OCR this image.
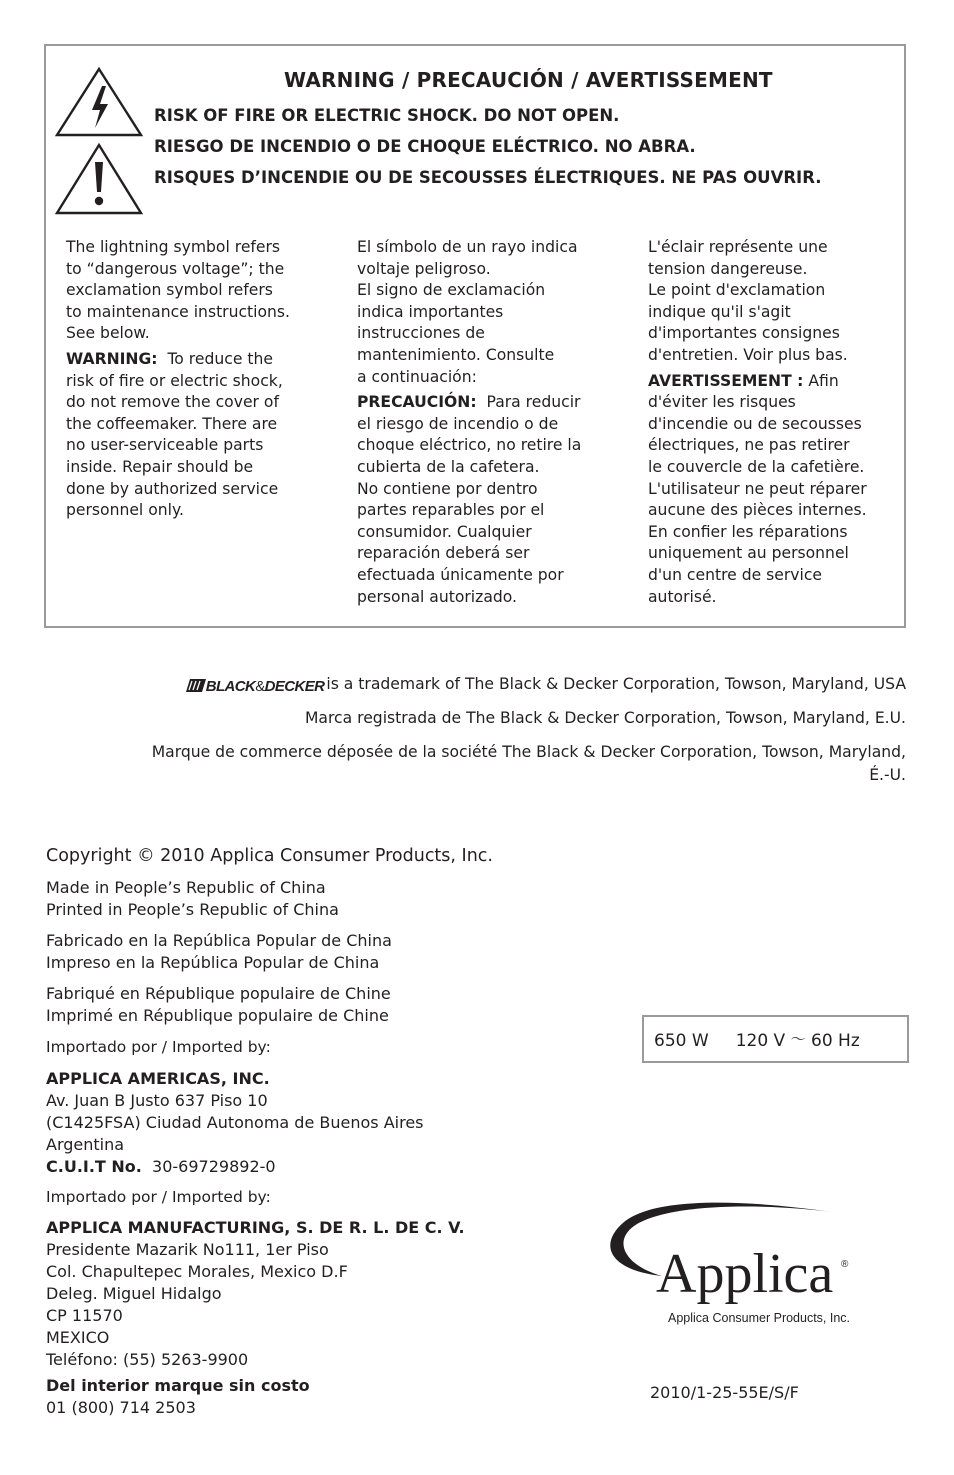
WARNING / PRECAUCIÓN / AVERTISSEMENT
RISK OF FIRE OR ELECTRIC SHOCK. DO NOT OPEN.
RIESGO DE INCENDIO O DE CHOQUE ELÉCTRICO. NO ABRA.
RISQUES D’INCENDIE OU DE SECOUSSES ÉLECTRIQUES. NE PAS OUVRIR.

The lightning symbol refers
to “dangerous voltage”; the
exclamation symbol refers
to maintenance instructions.
See below.

WARNING: To reduce the
risk of fire or electric shock,
do not remove the cover of
the coffeemaker. There are
no user-serviceable parts
inside. Repair should be
done by authorized service
personnel only.

El símbolo de un rayo indica
voltaje peligroso.
El signo de exclamación
indica importantes
instrucciones de
mantenimiento. Consulte
a continuación:

PRECAUCIÓN: Para reducir
el riesgo de incendio o de
choque eléctrico, no retire la
cubierta de la cafetera.
No contiene por dentro
partes reparables por el
consumidor. Cualquier
reparación deberá ser
efectuada únicamente por
personal autorizado.

L'éclair représente une
tension dangereuse.
Le point d'exclamation
indique qu'il s'agit
d'importantes consignes
d'entretien. Voir plus bas.

AVERTISSEMENT : Afin
d'éviter les risques
d'incendie ou de secousses
électriques, ne pas retirer
le couvercle de la cafetière.
L'utilisateur ne peut réparer
aucune des pièces internes.
En confier les réparations
uniquement au personnel
d'un centre de service
autorisé.

BLACK&DECKER is a trademark of The Black & Decker Corporation, Towson, Maryland, USA
Marca registrada de The Black & Decker Corporation, Towson, Maryland, E.U.
Marque de commerce déposée de la société The Black & Decker Corporation, Towson, Maryland,
É.-U.
Copyright © 2010 Applica Consumer Products, Inc.
Made in People’s Republic of China
Printed in People’s Republic of China
Fabricado en la República Popular de China
Impreso en la República Popular de China
Fabriqué en République populaire de Chine
Imprimé en République populaire de Chine
Importado por / Imported by:
APPLICA AMERICAS, INC.
Av. Juan B Justo 637 Piso 10
(C1425FSA) Ciudad Autonoma de Buenos Aires
Argentina
C.U.I.T No. 30-69729892-0
Importado por / Imported by:
APPLICA MANUFACTURING, S. DE R. L. DE C. V.
Presidente Mazarik No111, 1er Piso
Col. Chapultepec Morales, Mexico D.F
Deleg. Miguel Hidalgo
CP 11570
MEXICO
Teléfono: (55) 5263-9900
Del interior marque sin costo
01 (800) 714 2503
650 W 120 V ～ 60 Hz
Applica ®
Applica Consumer Products, Inc.
2010/1-25-55E/S/F
